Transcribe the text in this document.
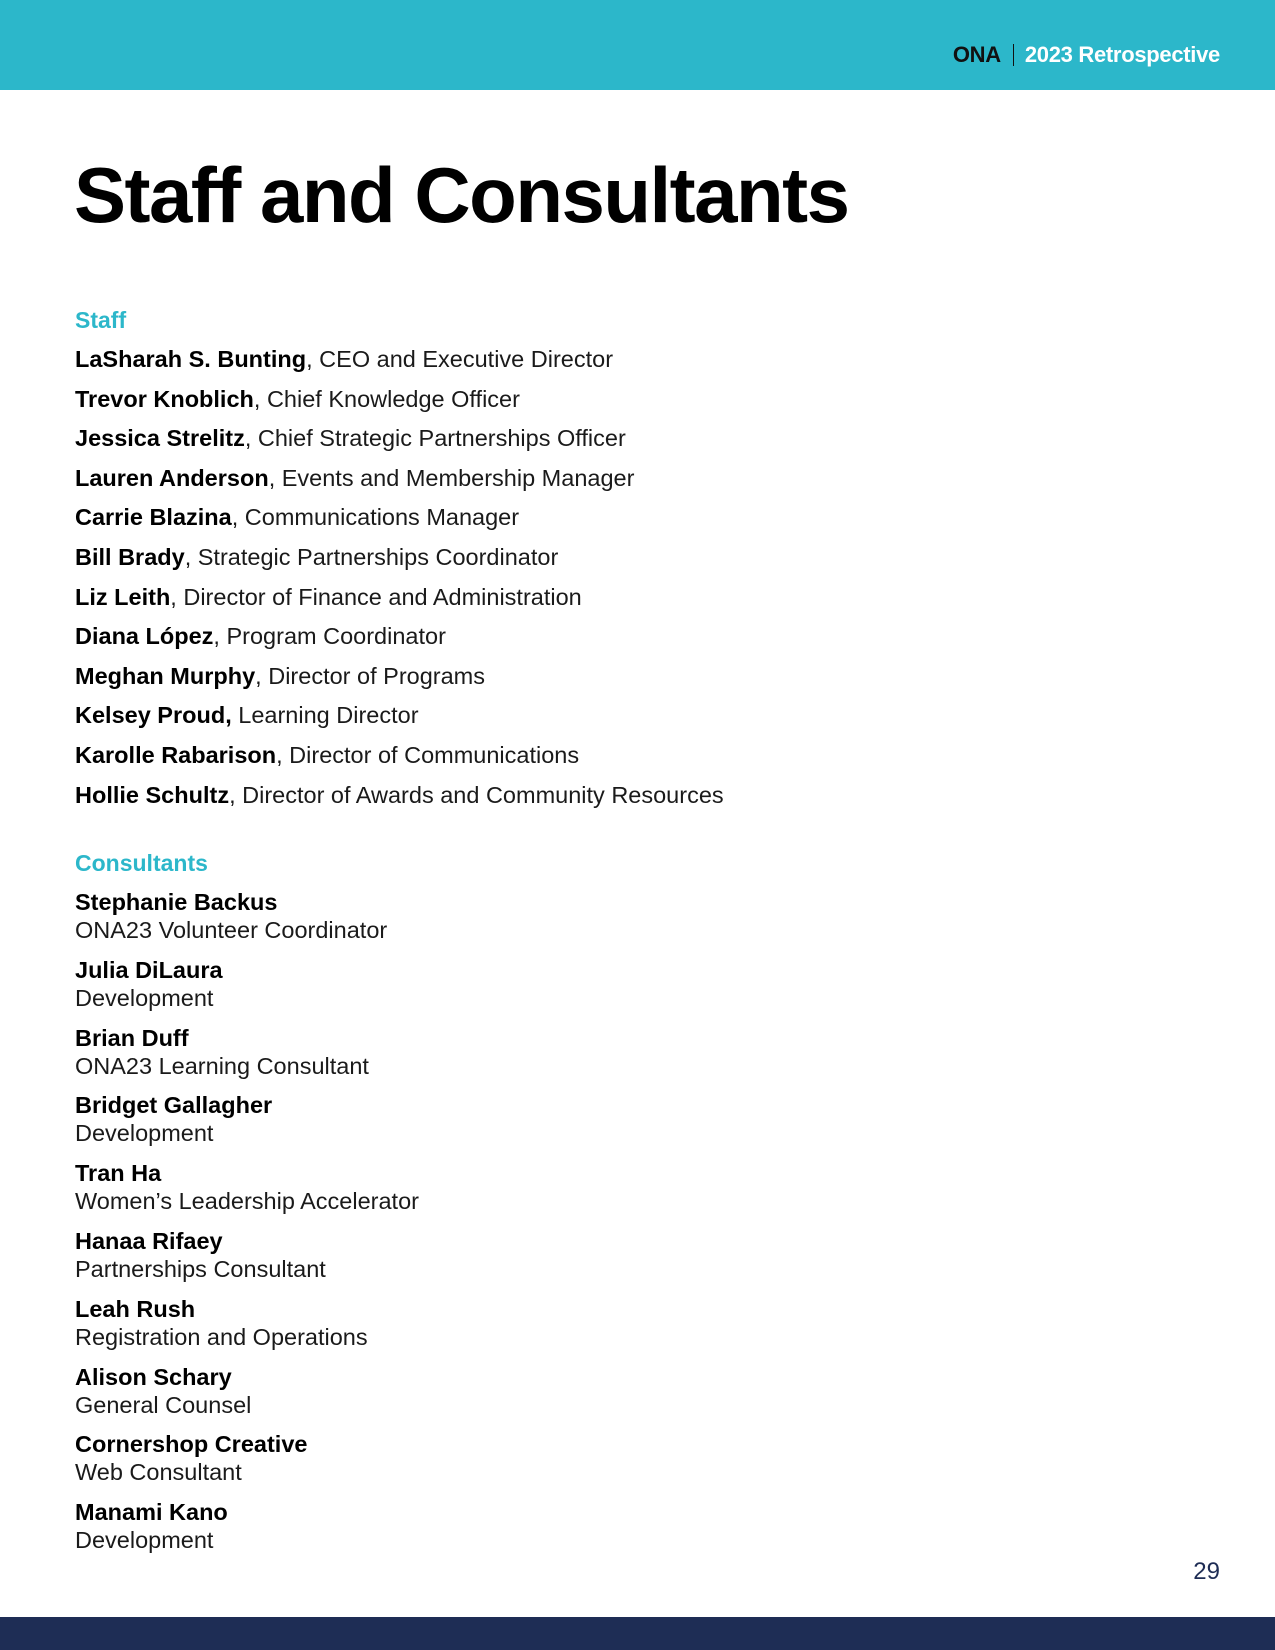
ONA 2023 Retrospective
Staff and Consultants
Staff
LaSharah S. Bunting, CEO and Executive Director
Trevor Knoblich, Chief Knowledge Officer
Jessica Strelitz, Chief Strategic Partnerships Officer
Lauren Anderson, Events and Membership Manager
Carrie Blazina, Communications Manager
Bill Brady, Strategic Partnerships Coordinator
Liz Leith, Director of Finance and Administration
Diana López, Program Coordinator
Meghan Murphy, Director of Programs
Kelsey Proud, Learning Director
Karolle Rabarison, Director of Communications
Hollie Schultz, Director of Awards and Community Resources
Consultants
Stephanie Backus
ONA23 Volunteer Coordinator
Julia DiLaura
Development
Brian Duff
ONA23 Learning Consultant
Bridget Gallagher
Development
Tran Ha
Women’s Leadership Accelerator
Hanaa Rifaey
Partnerships Consultant
Leah Rush
Registration and Operations
Alison Schary
General Counsel
Cornershop Creative
Web Consultant
Manami Kano
Development
29
